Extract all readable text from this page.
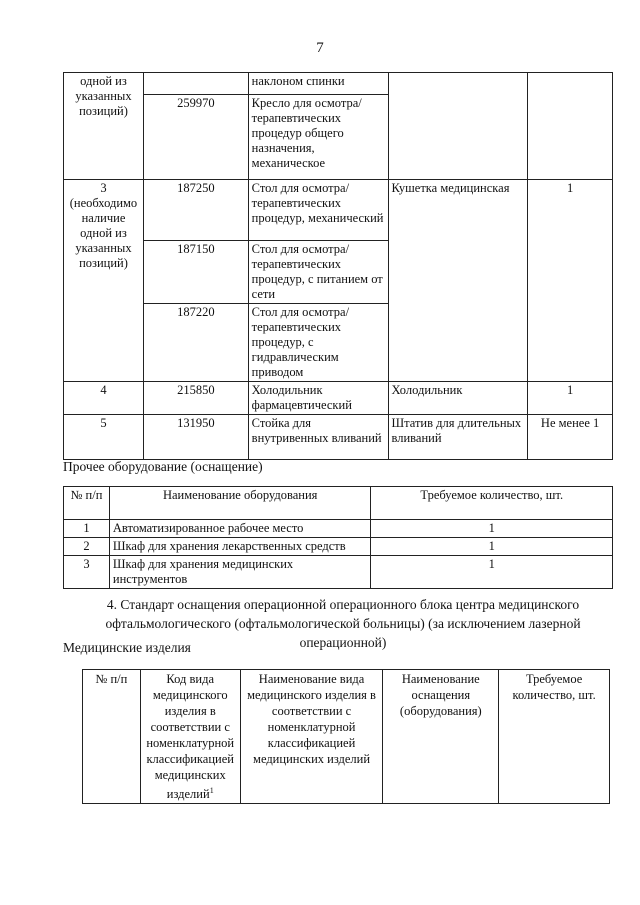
7
одной из указанных позиций)		наклоном спинки		
	259970	Кресло для осмотра/терапевтических процедур общего назначения, механическое		
3 (необходимо наличие одной из указанных позиций)	187250	Стол для осмотра/терапевтических процедур, механический	Кушетка медицинская	1
	187150	Стол для осмотра/терапевтических процедур, с питанием от сети		
	187220	Стол для осмотра/терапевтических процедур, с гидравлическим приводом		
4	215850	Холодильник фармацевтический	Холодильник	1
5	131950	Стойка для внутривенных вливаний	Штатив для длительных вливаний	Не менее 1
Прочее оборудование (оснащение)
№ п/п	Наименование оборудования	Требуемое количество, шт.
1	Автоматизированное рабочее место	1
2	Шкаф для хранения лекарственных средств	1
3	Шкаф для хранения медицинских инструментов	1
4. Стандарт оснащения операционной операционного блока центра медицинского офтальмологического (офтальмологической больницы) (за исключением лазерной операционной)
Медицинские изделия
№ п/п	Код вида медицинского изделия в соответствии с номенклатурной классификацией медицинских изделий$^1$	Наименование вида медицинского изделия в соответствии с номенклатурной классификацией медицинских изделий	Наименование оснащения (оборудования)	Требуемое количество, шт.
